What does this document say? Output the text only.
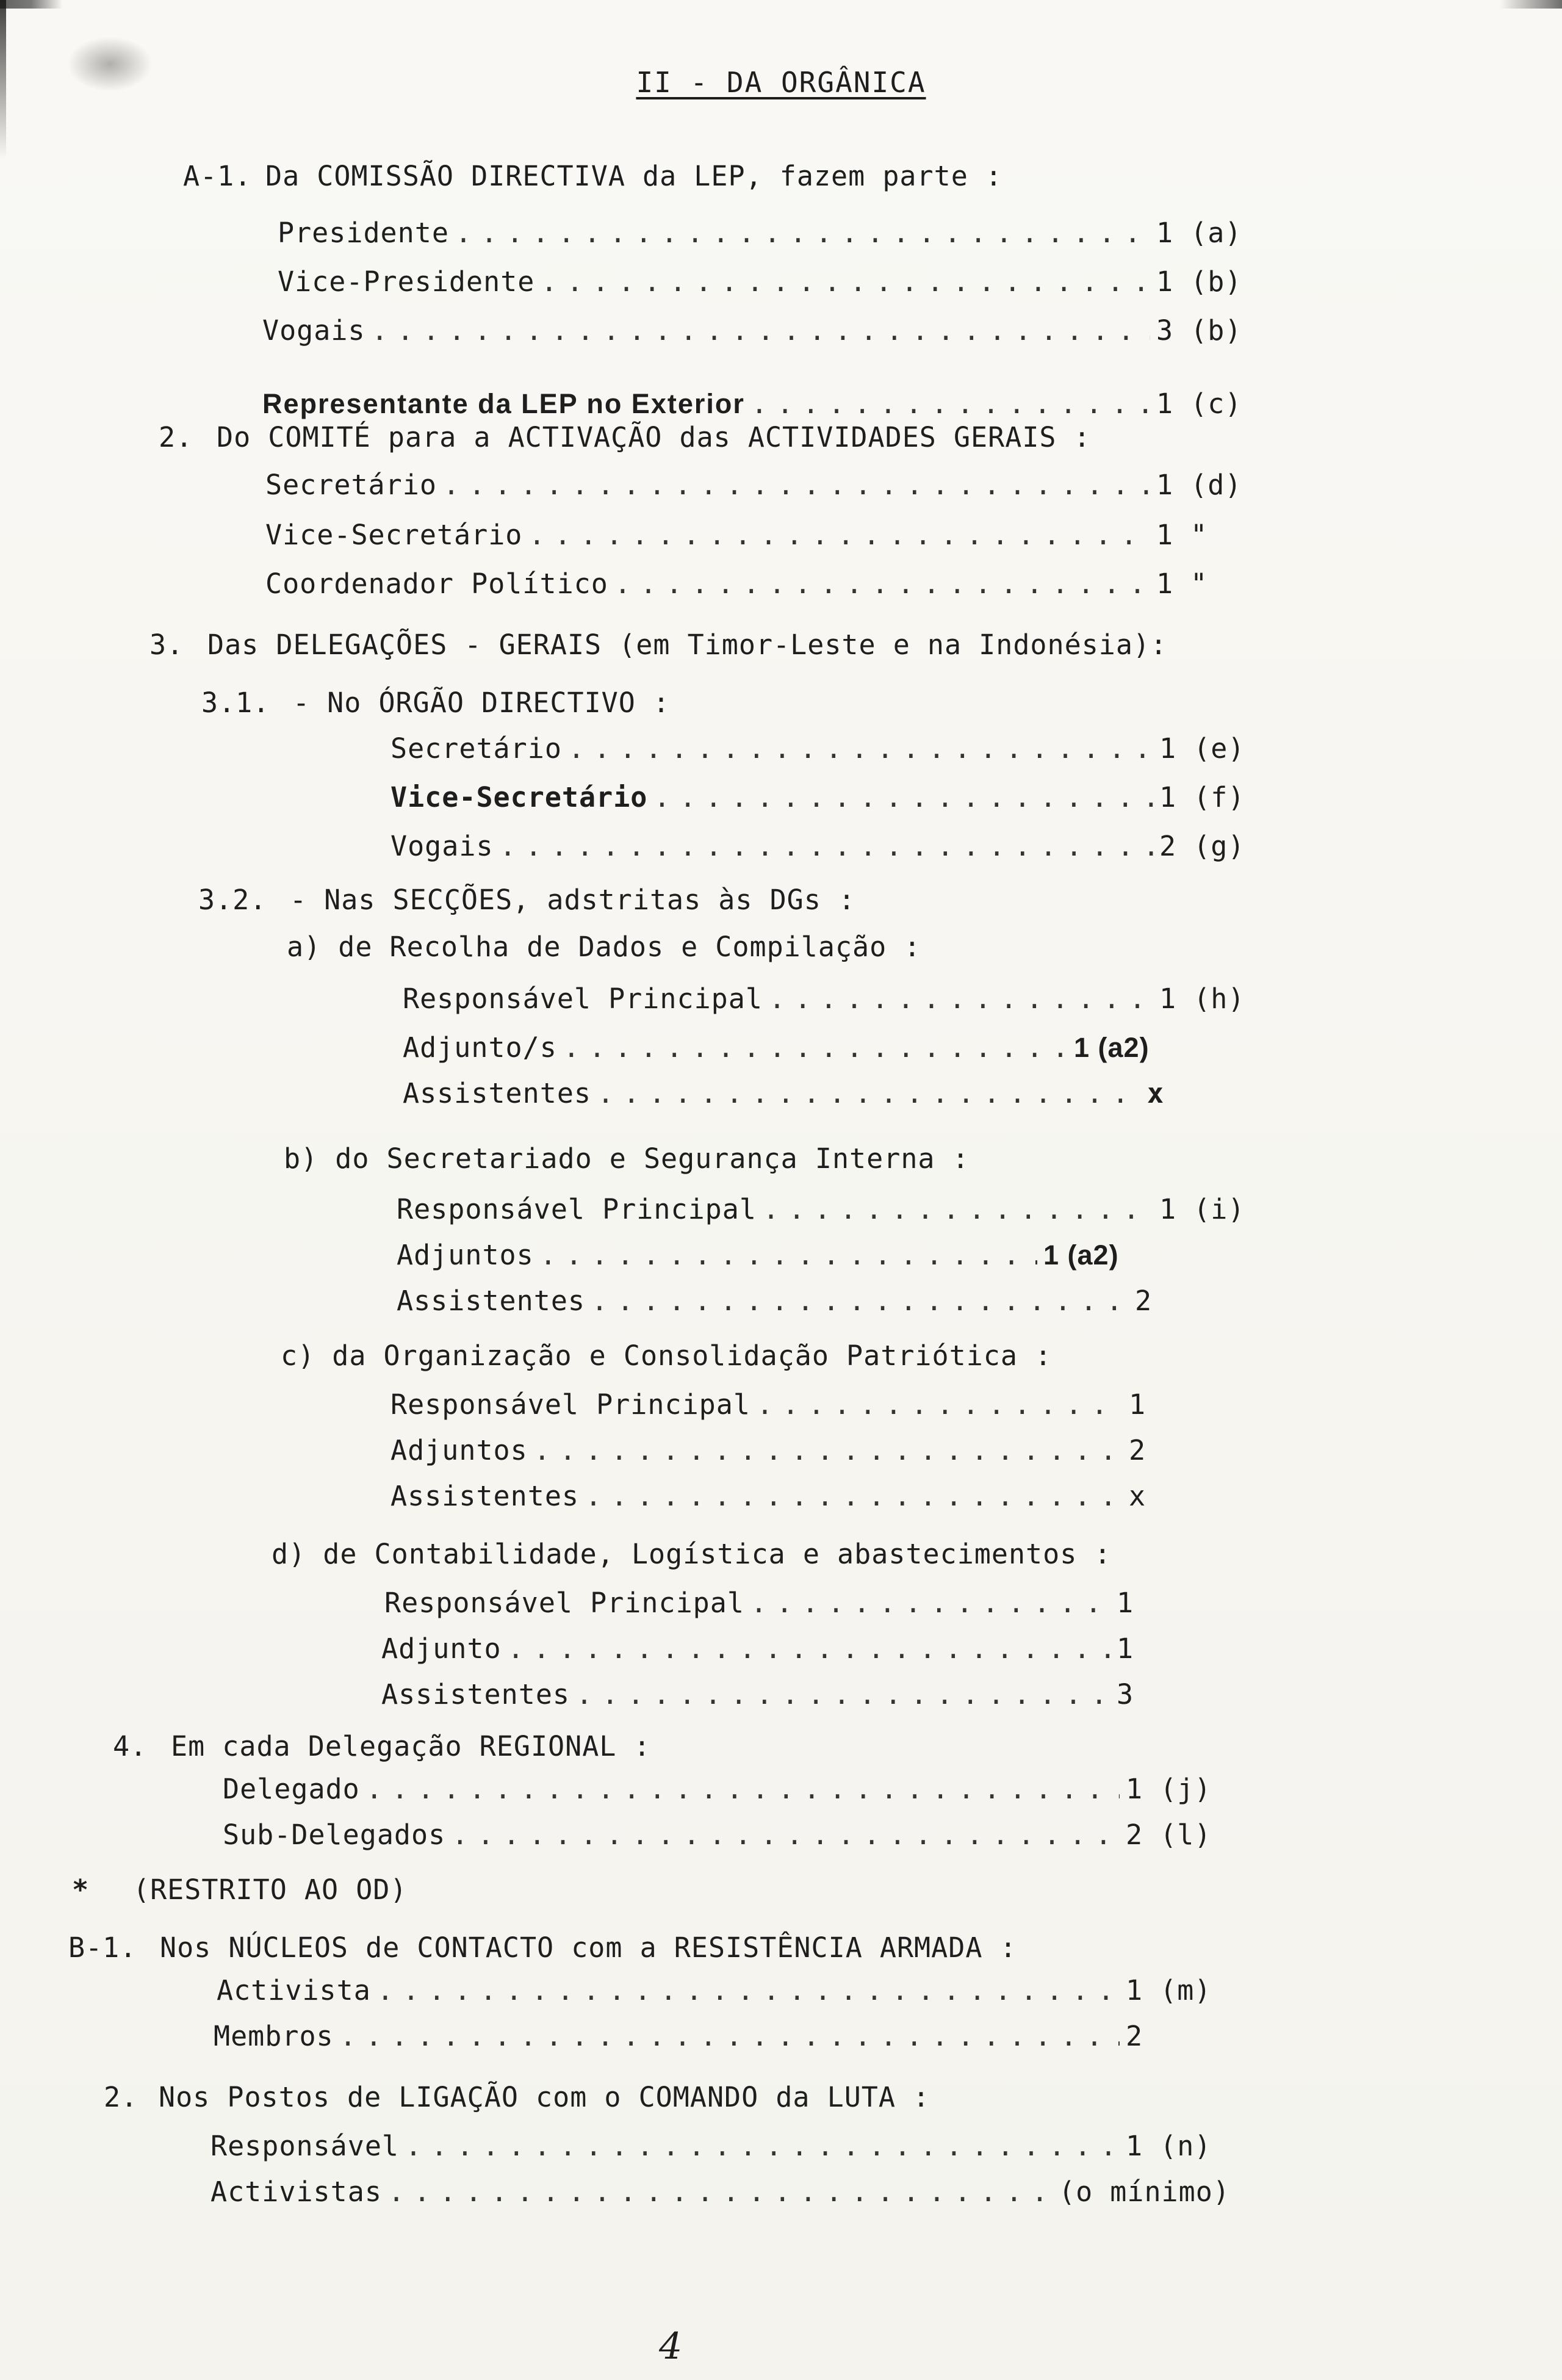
II - DA ORGÂNICA
A-1. Da COMISSÃO DIRECTIVA da LEP, fazem parte :
Presidente . . .	1 (a)
Vice-Presidente . . .	1 (b)
Vogais . . .	3 (b)
Representante da LEP no Exterior . . .	1 (c)
2. Do COMITÉ para a ACTIVAÇÃO das ACTIVIDADES GERAIS :
Secretário . . .	1 (d)
Vice-Secretário . . .	1 "
Coordenador Político . . .	1 "
3. Das DELEGAÇÕES - GERAIS (em Timor-Leste e na Indonésia):
3.1. - No ÓRGÃO DIRECTIVO :
Secretário . . .	1 (e)
Vice-Secretário . . .	1 (f)
Vogais . . .	2 (g)
3.2. - Nas SECÇÕES, adstritas às DGs :
a) de Recolha de Dados e Compilação :
Responsável Principal . . .	1 (h)
Adjunto/s . . .	1 (a2)
Assistentes . . .	x
b) do Secretariado e Segurança Interna :
Responsável Principal . . .	1 (i)
Adjuntos . . .	1 (a2)
Assistentes . . .	2
c) da Organização e Consolidação Patriótica :
Responsável Principal . . .	1
Adjuntos . . .	2
Assistentes . . .	x
d) de Contabilidade, Logística e abastecimentos :
Responsável Principal . . .	1
Adjunto . . .	1
Assistentes . . .	3
4. Em cada Delegação REGIONAL :
Delegado . . .	1 (j)
Sub-Delegados . . .	2 (l)
*	(RESTRITO AO OD)
B-1. Nos NÚCLEOS de CONTACTO com a RESISTÊNCIA ARMADA :
Activista . . .	1 (m)
Membros . . .	2
2. Nos Postos de LIGAÇÃO com o COMANDO da LUTA :
Responsável . . .	1 (n)
Activistas . . .	(o mínimo)
4
